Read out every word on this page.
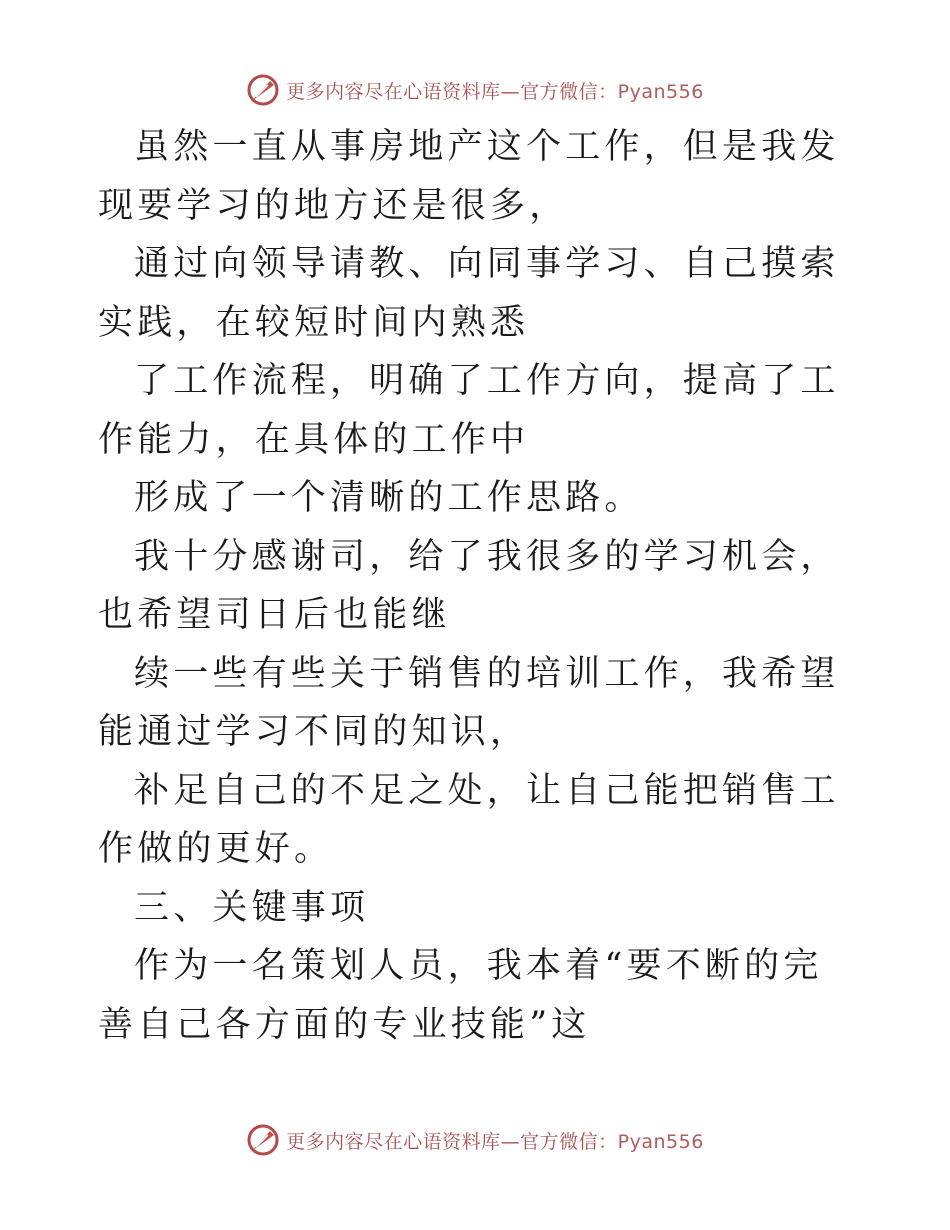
更多内容尽在心语资料库—官方微信：Pyan556

虽然一直从事房地产这个工作，但是我发现要学习的地方还是很多，

通过向领导请教、向同事学习、自己摸索实践，在较短时间内熟悉

了工作流程，明确了工作方向，提高了工作能力，在具体的工作中

形成了一个清晰的工作思路。

我十分感谢司，给了我很多的学习机会，也希望司日后也能继

续一些有些关于销售的培训工作，我希望能通过学习不同的知识，

补足自己的不足之处，让自己能把销售工作做的更好。

三、关键事项

作为一名策划人员，我本着“要不断的完善自己各方面的专业技能”这

更多内容尽在心语资料库—官方微信：Pyan556
